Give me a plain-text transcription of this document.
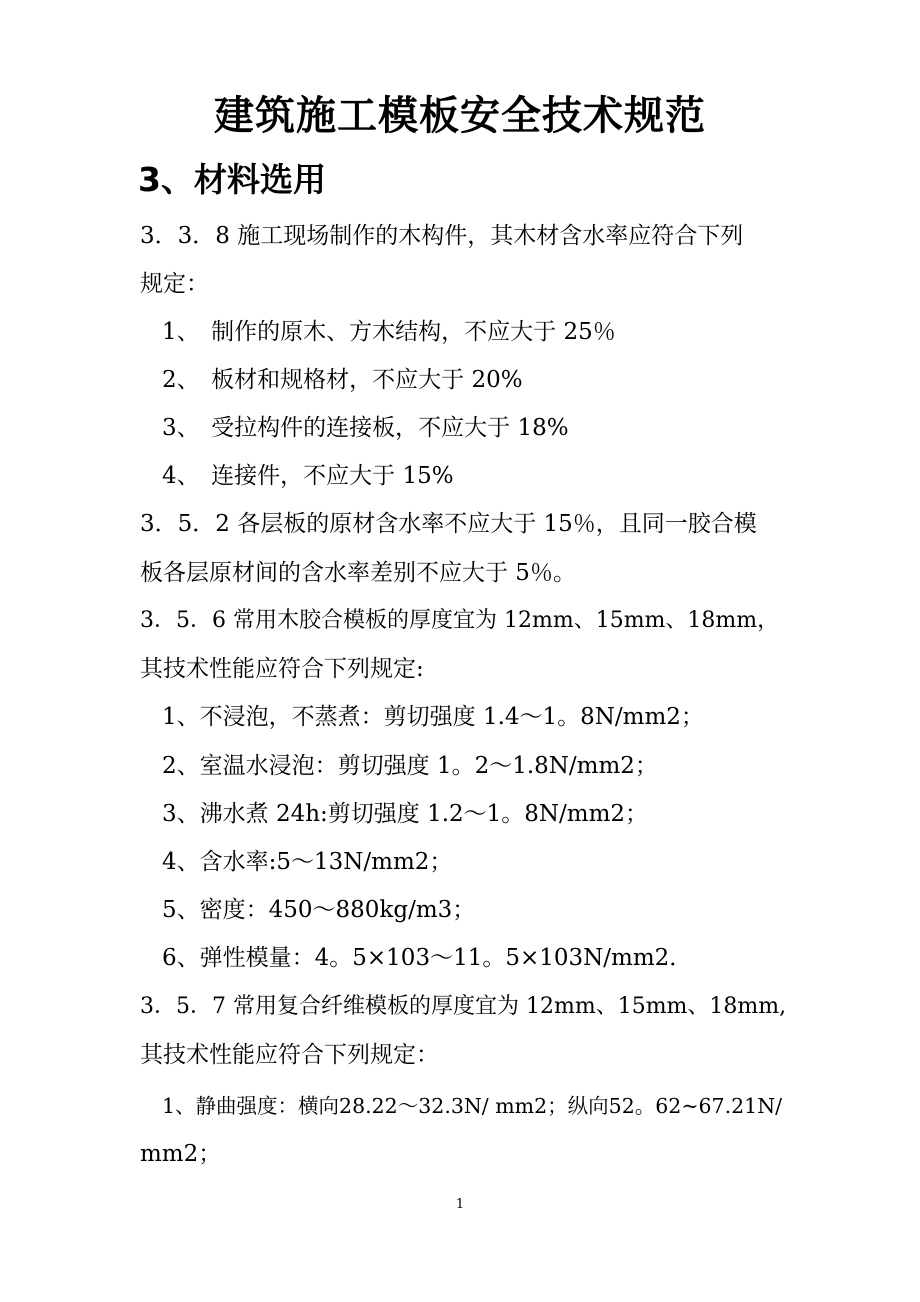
建筑施工模板安全技术规范
3、材料选用
3．3．8 施工现场制作的木构件，其木材含水率应符合下列
规定：
1、　制作的原木、方木结构，不应大于 25％
2、　板材和规格材，不应大于 20%
3、　受拉构件的连接板，不应大于 18%
4、　连接件，不应大于 15%
3．5．2 各层板的原材含水率不应大于 15％，且同一胶合模
板各层原材间的含水率差别不应大于 5％。
3．5．6 常用木胶合模板的厚度宜为 12mm、15mm、18mm，
其技术性能应符合下列规定:
1、不浸泡，不蒸煮：剪切强度 1.4～1。8N/mm2；
2、室温水浸泡：剪切强度 1。2～1.8N/mm2；
3、沸水煮 24h:剪切强度 1.2～1。8N/mm2；
4、含水率:5～13N/mm2；
5、密度：450～880kg/m3；
6、弹性模量：4。5×103～11。5×103N/mm2．
3．5．7 常用复合纤维模板的厚度宜为 12mm、15mm、18mm,
其技术性能应符合下列规定：
1、静曲强度：横向28.22～32.3N/ mm2；纵向52。62~67.21N/
mm2；
1
